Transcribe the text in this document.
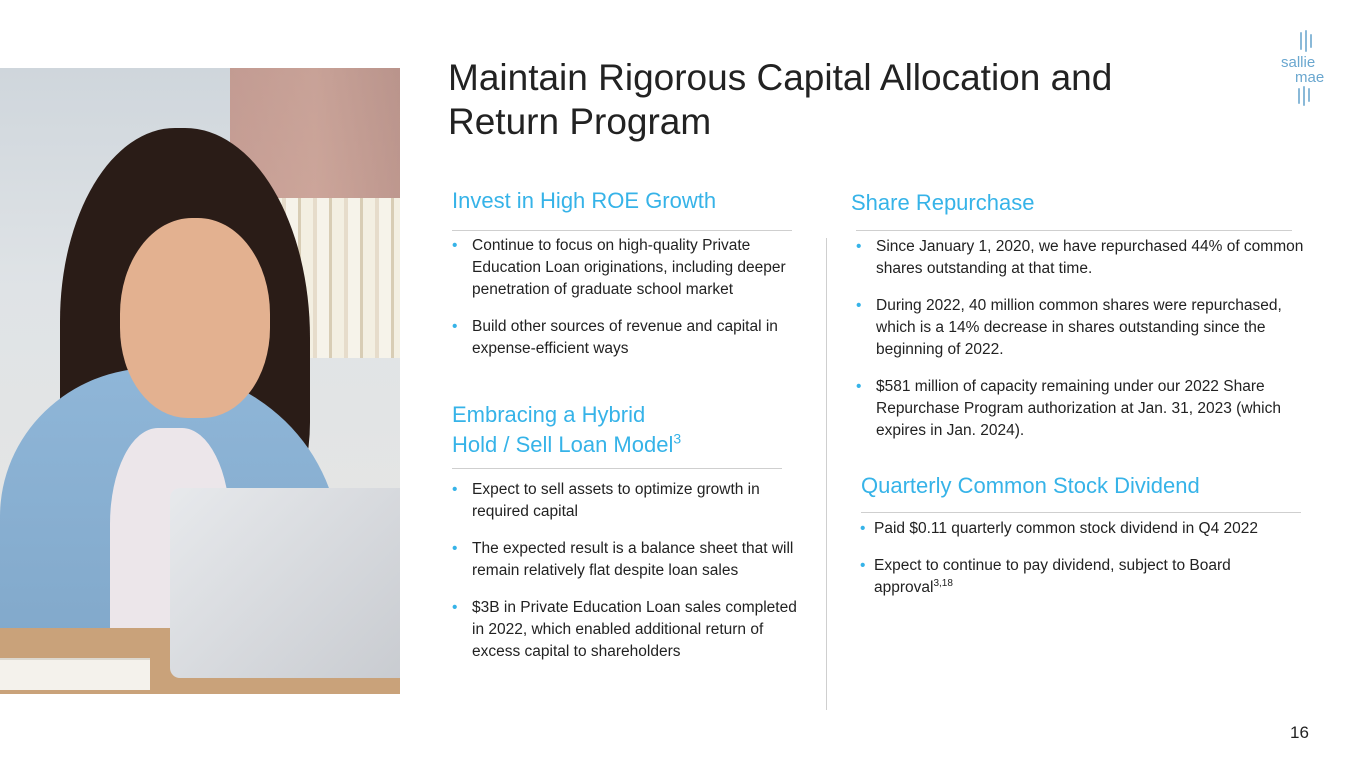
Maintain Rigorous Capital Allocation and Return Program
sallie
mae
Invest in High ROE Growth
• Continue to focus on high-quality Private Education Loan originations, including deeper penetration of graduate school market
• Build other sources of revenue and capital in expense-efficient ways
Embracing a Hybrid
Hold / Sell Loan Model$^3$
• Expect to sell assets to optimize growth in required capital
• The expected result is a balance sheet that will remain relatively flat despite loan sales
• $3B in Private Education Loan sales completed in 2022, which enabled additional return of excess capital to shareholders
Share Repurchase
• Since January 1, 2020, we have repurchased 44% of common shares outstanding at that time.
• During 2022, 40 million common shares were repurchased, which is a 14% decrease in shares outstanding since the beginning of 2022.
• $581 million of capacity remaining under our 2022 Share Repurchase Program authorization at Jan. 31, 2023 (which expires in Jan. 2024).
Quarterly Common Stock Dividend
• Paid $0.11 quarterly common stock dividend in Q4 2022
• Expect to continue to pay dividend, subject to Board approval$^{3,18}$
16
